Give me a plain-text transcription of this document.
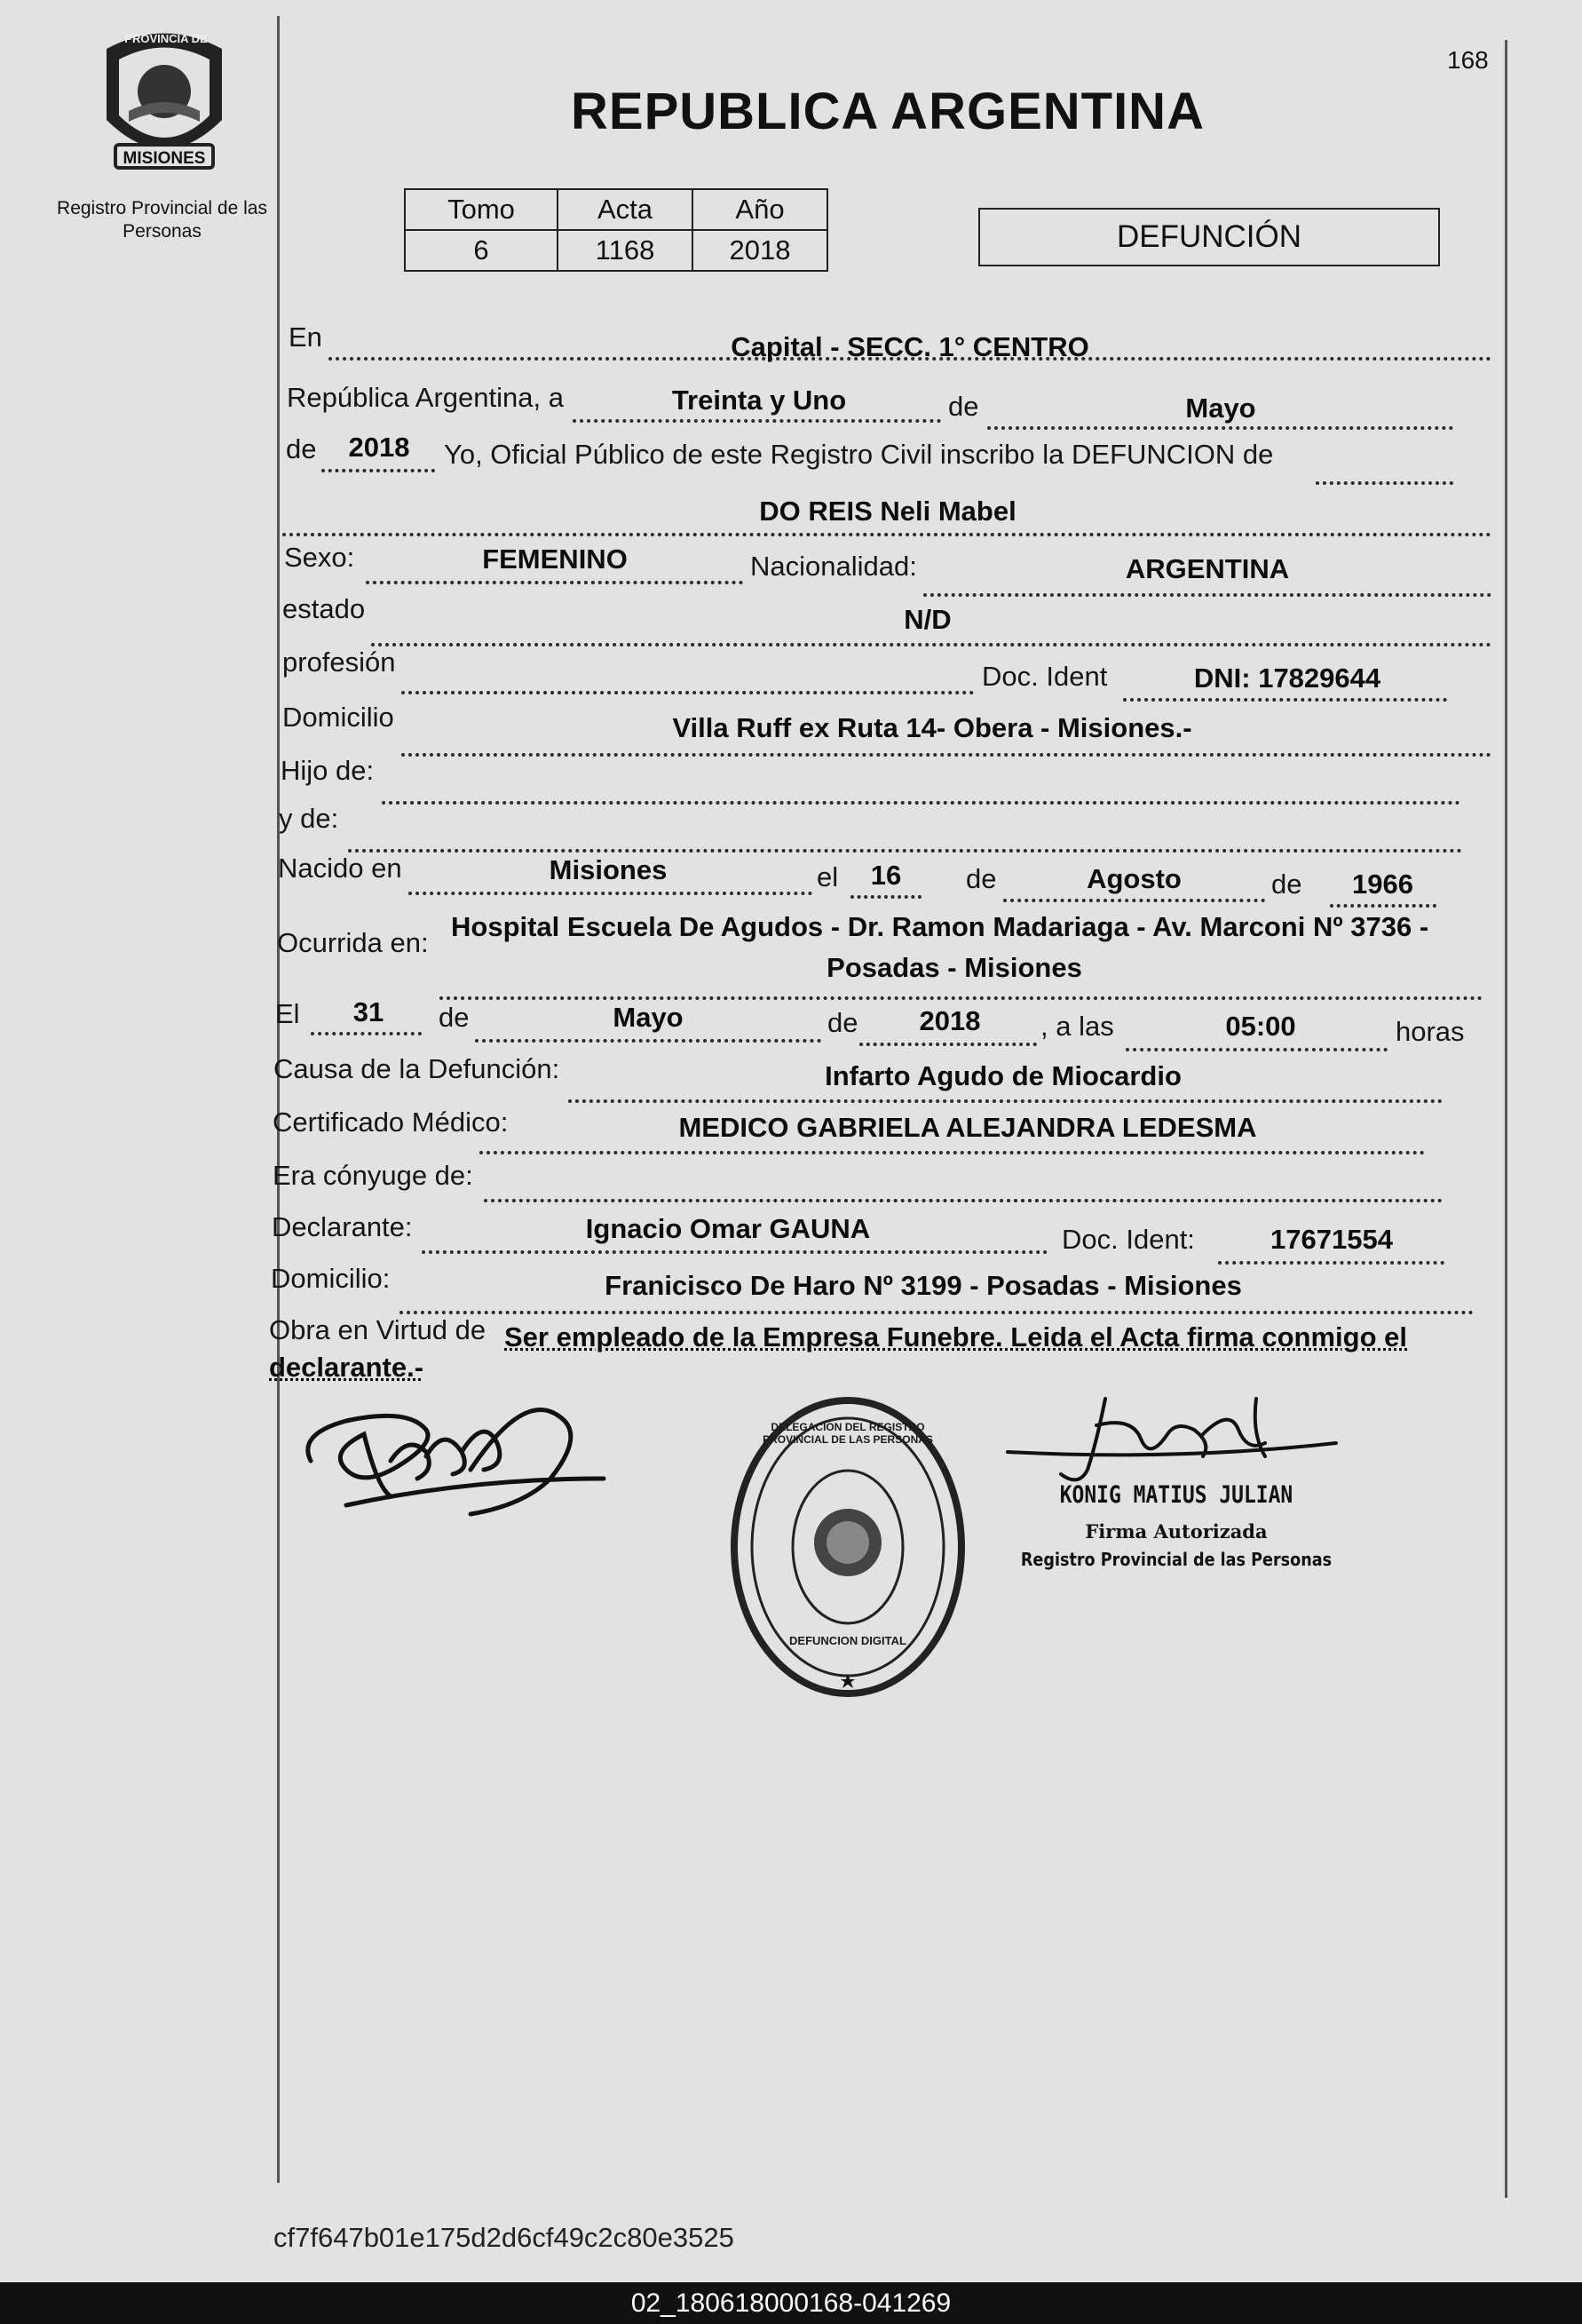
PROVINCIA DE
MISIONES
Registro Provincial de las Personas
168
REPUBLICA ARGENTINA
Tomo	Acta	Año
6	1168	2018	DEFUNCIÓN
En	Capital - SECC. 1° CENTRO
República Argentina, a	Treinta y Uno	de	Mayo
de	2018	Yo, Oficial Público de este Registro Civil inscribo la DEFUNCION de
DO REIS Neli Mabel
Sexo:	FEMENINO	Nacionalidad:	ARGENTINA
estado	N/D
profesión	Doc. Ident	DNI: 17829644
Domicilio	Villa Ruff ex Ruta 14- Obera - Misiones.-
Hijo de:
y de:
Nacido en	Misiones	el	16	de	Agosto	de	1966
Ocurrida en:
Hospital Escuela De Agudos - Dr. Ramon Madariaga - Av. Marconi Nº 3736 -
Posadas - Misiones
El	31	de	Mayo	de	2018	, a las	05:00	horas
Causa de la Defunción:	Infarto Agudo de Miocardio
Certificado Médico:	MEDICO GABRIELA ALEJANDRA LEDESMA
Era cónyuge de:
Declarante:	Ignacio Omar GAUNA	Doc. Ident:	17671554
Domicilio:	Franicisco De Haro Nº 3199 - Posadas - Misiones
Obra en Virtud de Ser empleado de la Empresa Funebre. Leida el Acta firma conmigo el
declarante.-
DELEGACION DEL REGISTRO PROVINCIAL DE LAS PERSONAS
DEFUNCION DIGITAL
KONIG MATIUS JULIAN
Firma Autorizada
Registro Provincial de las Personas
cf7f647b01e175d2d6cf49c2c80e3525
02_180618000168-041269
